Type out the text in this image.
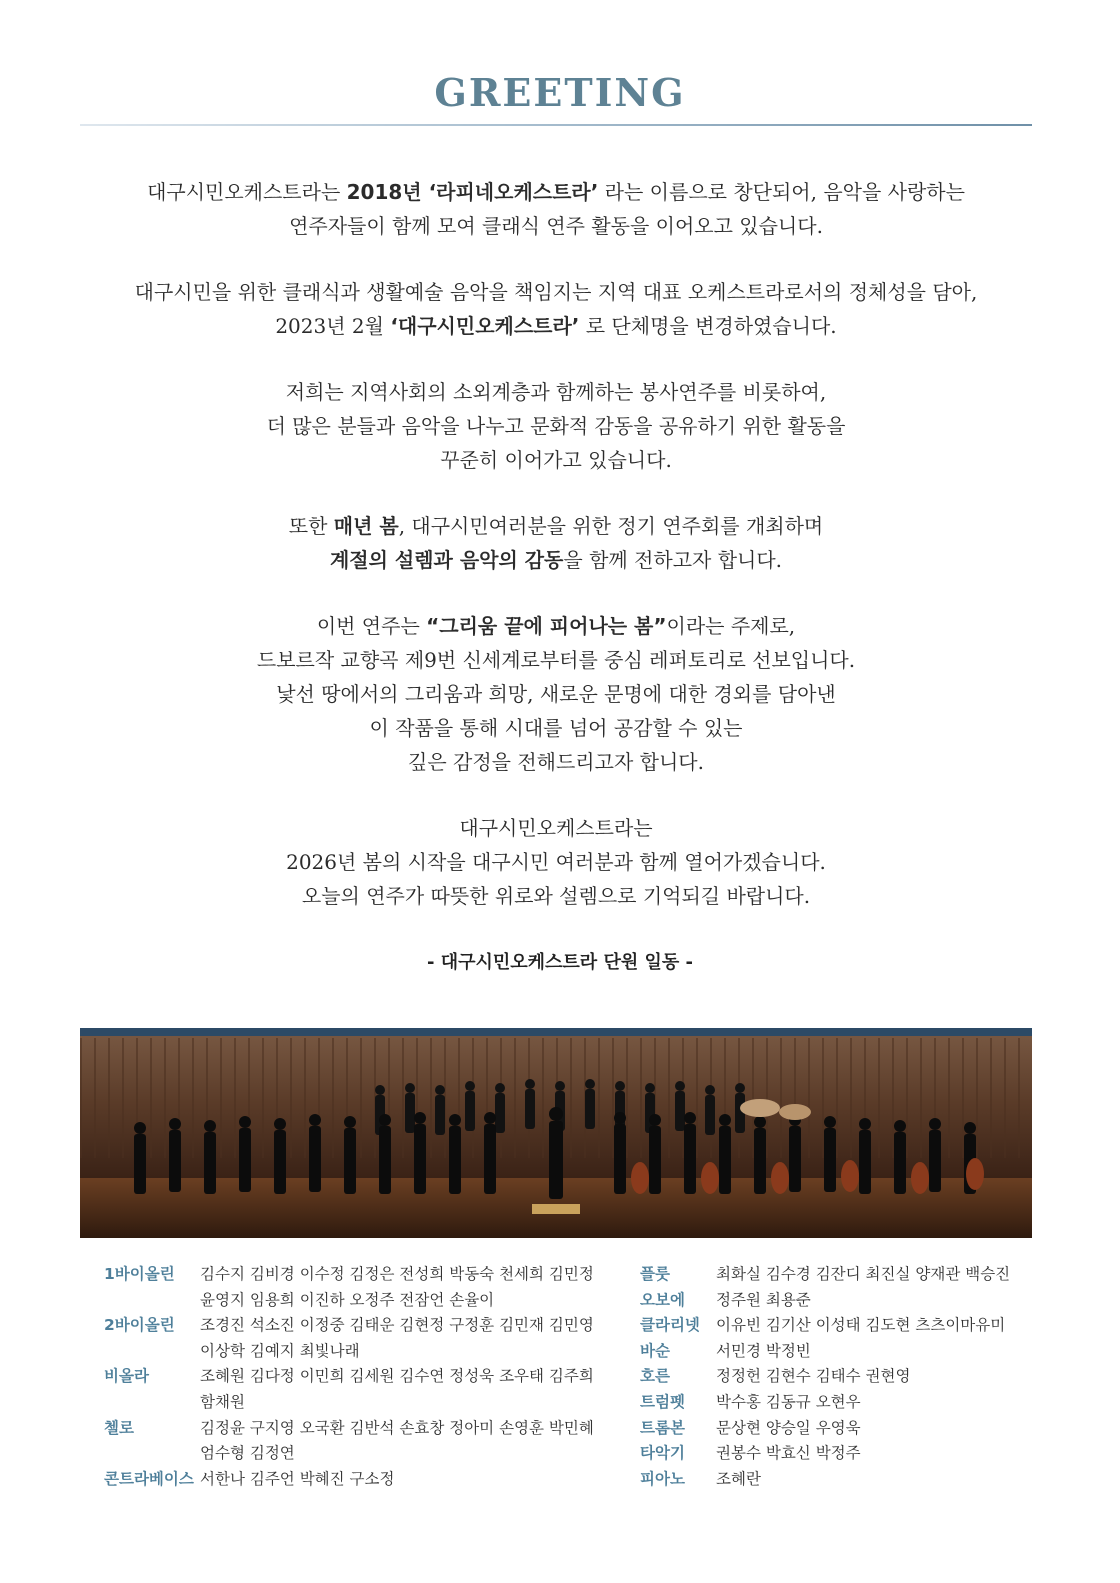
GREETING

대구시민오케스트라는 2018년 ‘라피네오케스트라’ 라는 이름으로 창단되어, 음악을 사랑하는
연주자들이 함께 모여 클래식 연주 활동을 이어오고 있습니다.

대구시민을 위한 클래식과 생활예술 음악을 책임지는 지역 대표 오케스트라로서의 정체성을 담아,
2023년 2월 ‘대구시민오케스트라’ 로 단체명을 변경하였습니다.

저희는 지역사회의 소외계층과 함께하는 봉사연주를 비롯하여,
더 많은 분들과 음악을 나누고 문화적 감동을 공유하기 위한 활동을
꾸준히 이어가고 있습니다.

또한 매년 봄, 대구시민여러분을 위한 정기 연주회를 개최하며
계절의 설렘과 음악의 감동을 함께 전하고자 합니다.

이번 연주는 “그리움 끝에 피어나는 봄”이라는 주제로,
드보르작 교향곡 제9번 신세계로부터를 중심 레퍼토리로 선보입니다.
낯선 땅에서의 그리움과 희망, 새로운 문명에 대한 경외를 담아낸
이 작품을 통해 시대를 넘어 공감할 수 있는
깊은 감정을 전해드리고자 합니다.

대구시민오케스트라는
2026년 봄의 시작을 대구시민 여러분과 함께 열어가겠습니다.
오늘의 연주가 따뜻한 위로와 설렘으로 기억되길 바랍니다.

- 대구시민오케스트라 단원 일동 -
1바이올린	김수지 김비경 이수정 김정은 전성희 박동숙 천세희 김민정
윤영지 임용희 이진하 오정주 전잠언 손율이
2바이올린	조경진 석소진 이정중 김태운 김현정 구정훈 김민재 김민영
이상학 김예지 최빛나래
비올라	조혜원 김다정 이민희 김세원 김수연 정성욱 조우태 김주희
함채원
첼로	김정윤 구지영 오국환 김반석 손효창 정아미 손영훈 박민혜
엄수형 김정연
콘트라베이스 서한나 김주언 박혜진 구소정
플룻	최화실 김수경 김잔디 최진실 양재관 백승진
오보에	정주원 최용준
클라리넷	이유빈 김기산 이성태 김도현 츠츠이마유미
바순	서민경 박정빈
호른	정정헌 김현수 김태수 권현영
트럼펫	박수홍 김동규 오현우
트롬본	문상현 양승일 우영욱
타악기	권봉수 박효신 박정주
피아노	조혜란
